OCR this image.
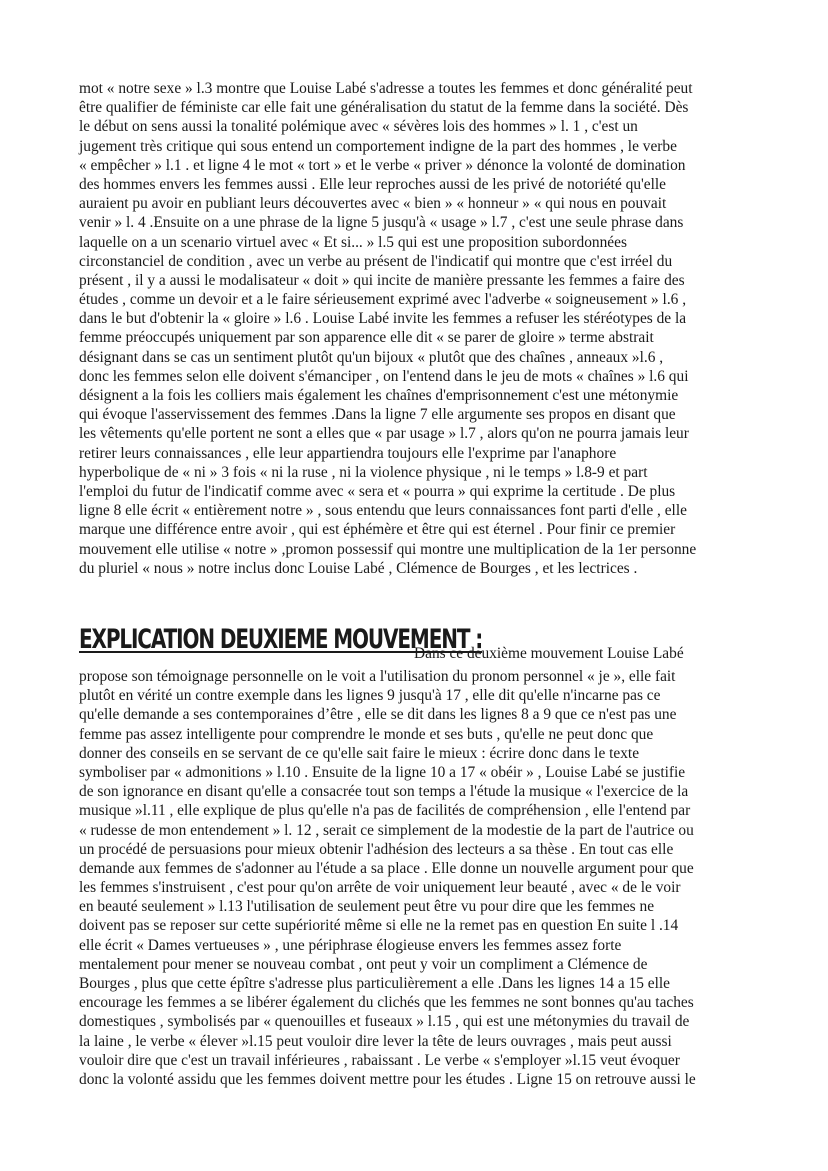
mot « notre sexe » l.3 montre que Louise Labé s'adresse a toutes les femmes et donc généralité peut
être qualifier de féministe car elle fait une généralisation du statut de la femme dans la société. Dès
le début on sens aussi la tonalité polémique avec « sévères lois des hommes » l. 1 , c'est un
jugement très critique qui sous entend un comportement indigne de la part des hommes , le verbe
« empêcher » l.1 . et ligne 4 le mot « tort » et le verbe « priver » dénonce la volonté de domination
des hommes envers les femmes aussi . Elle leur reproches aussi de les privé de notoriété qu'elle
auraient pu avoir en publiant leurs découvertes avec « bien » « honneur » « qui nous en pouvait
venir » l. 4 .Ensuite on a une phrase de la ligne 5 jusqu'à « usage » l.7 , c'est une seule phrase dans
laquelle on a un scenario virtuel avec « Et si... » l.5 qui est une proposition subordonnées
circonstanciel de condition , avec un verbe au présent de l'indicatif qui montre que c'est irréel du
présent , il y a aussi le modalisateur « doit » qui incite de manière pressante les femmes a faire des
études , comme un devoir et a le faire sérieusement exprimé avec l'adverbe « soigneusement » l.6 ,
dans le but d'obtenir la « gloire » l.6 . Louise Labé invite les femmes a refuser les stéréotypes de la
femme préoccupés uniquement par son apparence elle dit « se parer de gloire » terme abstrait
désignant dans se cas un sentiment plutôt qu'un bijoux « plutôt que des chaînes , anneaux »l.6 ,
donc les femmes selon elle doivent s'émanciper , on l'entend dans le jeu de mots « chaînes » l.6 qui
désignent a la fois les colliers mais également les chaînes d'emprisonnement c'est une métonymie
qui évoque l'asservissement des femmes .Dans la ligne 7 elle argumente ses propos en disant que
les vêtements qu'elle portent ne sont a elles que « par usage » l.7 , alors qu'on ne pourra jamais leur
retirer leurs connaissances , elle leur appartiendra toujours elle l'exprime par l'anaphore
hyperbolique de « ni » 3 fois « ni la ruse , ni la violence physique , ni le temps » l.8-9 et part
l'emploi du futur de l'indicatif comme avec « sera et « pourra » qui exprime la certitude . De plus
ligne 8 elle écrit « entièrement notre » , sous entendu que leurs connaissances font parti d'elle , elle
marque une différence entre avoir , qui est éphémère et être qui est éternel . Pour finir ce premier
mouvement elle utilise « notre » ,promon possessif qui montre une multiplication de la 1er personne
du pluriel « nous » notre inclus donc Louise Labé , Clémence de Bourges , et les lectrices .
EXPLICATION DEUXIEME MOUVEMENT :
Dans ce deuxième mouvement Louise Labé
propose son témoignage personnelle on le voit a l'utilisation du pronom personnel « je », elle fait
plutôt en vérité un contre exemple dans les lignes 9 jusqu'à 17 , elle dit qu'elle n'incarne pas ce
qu'elle demande a ses contemporaines d’être , elle se dit dans les lignes 8 a 9 que ce n'est pas une
femme pas assez intelligente pour comprendre le monde et ses buts , qu'elle ne peut donc que
donner des conseils en se servant de ce qu'elle sait faire le mieux : écrire donc dans le texte
symboliser par « admonitions » l.10 . Ensuite de la ligne 10 a 17 « obéir » , Louise Labé se justifie
de son ignorance en disant qu'elle a consacrée tout son temps a l'étude la musique « l'exercice de la
musique »l.11 , elle explique de plus qu'elle n'a pas de facilités de compréhension , elle l'entend par
« rudesse de mon entendement » l. 12 , serait ce simplement de la modestie de la part de l'autrice ou
un procédé de persuasions pour mieux obtenir l'adhésion des lecteurs a sa thèse . En tout cas elle
demande aux femmes de s'adonner au l'étude a sa place . Elle donne un nouvelle argument pour que
les femmes s'instruisent , c'est pour qu'on arrête de voir uniquement leur beauté , avec « de le voir
en beauté seulement » l.13 l'utilisation de seulement peut être vu pour dire que les femmes ne
doivent pas se reposer sur cette supériorité même si elle ne la remet pas en question En suite l .14
elle écrit « Dames vertueuses » , une périphrase élogieuse envers les femmes assez forte
mentalement pour mener se nouveau combat , ont peut y voir un compliment a Clémence de
Bourges , plus que cette épître s'adresse plus particulièrement a elle .Dans les lignes 14 a 15 elle
encourage les femmes a se libérer également du clichés que les femmes ne sont bonnes qu'au taches
domestiques , symbolisés par « quenouilles et fuseaux » l.15 , qui est une métonymies du travail de
la laine , le verbe « élever »l.15 peut vouloir dire lever la tête de leurs ouvrages , mais peut aussi
vouloir dire que c'est un travail inférieures , rabaissant . Le verbe « s'employer »l.15 veut évoquer
donc la volonté assidu que les femmes doivent mettre pour les études . Ligne 15 on retrouve aussi le
